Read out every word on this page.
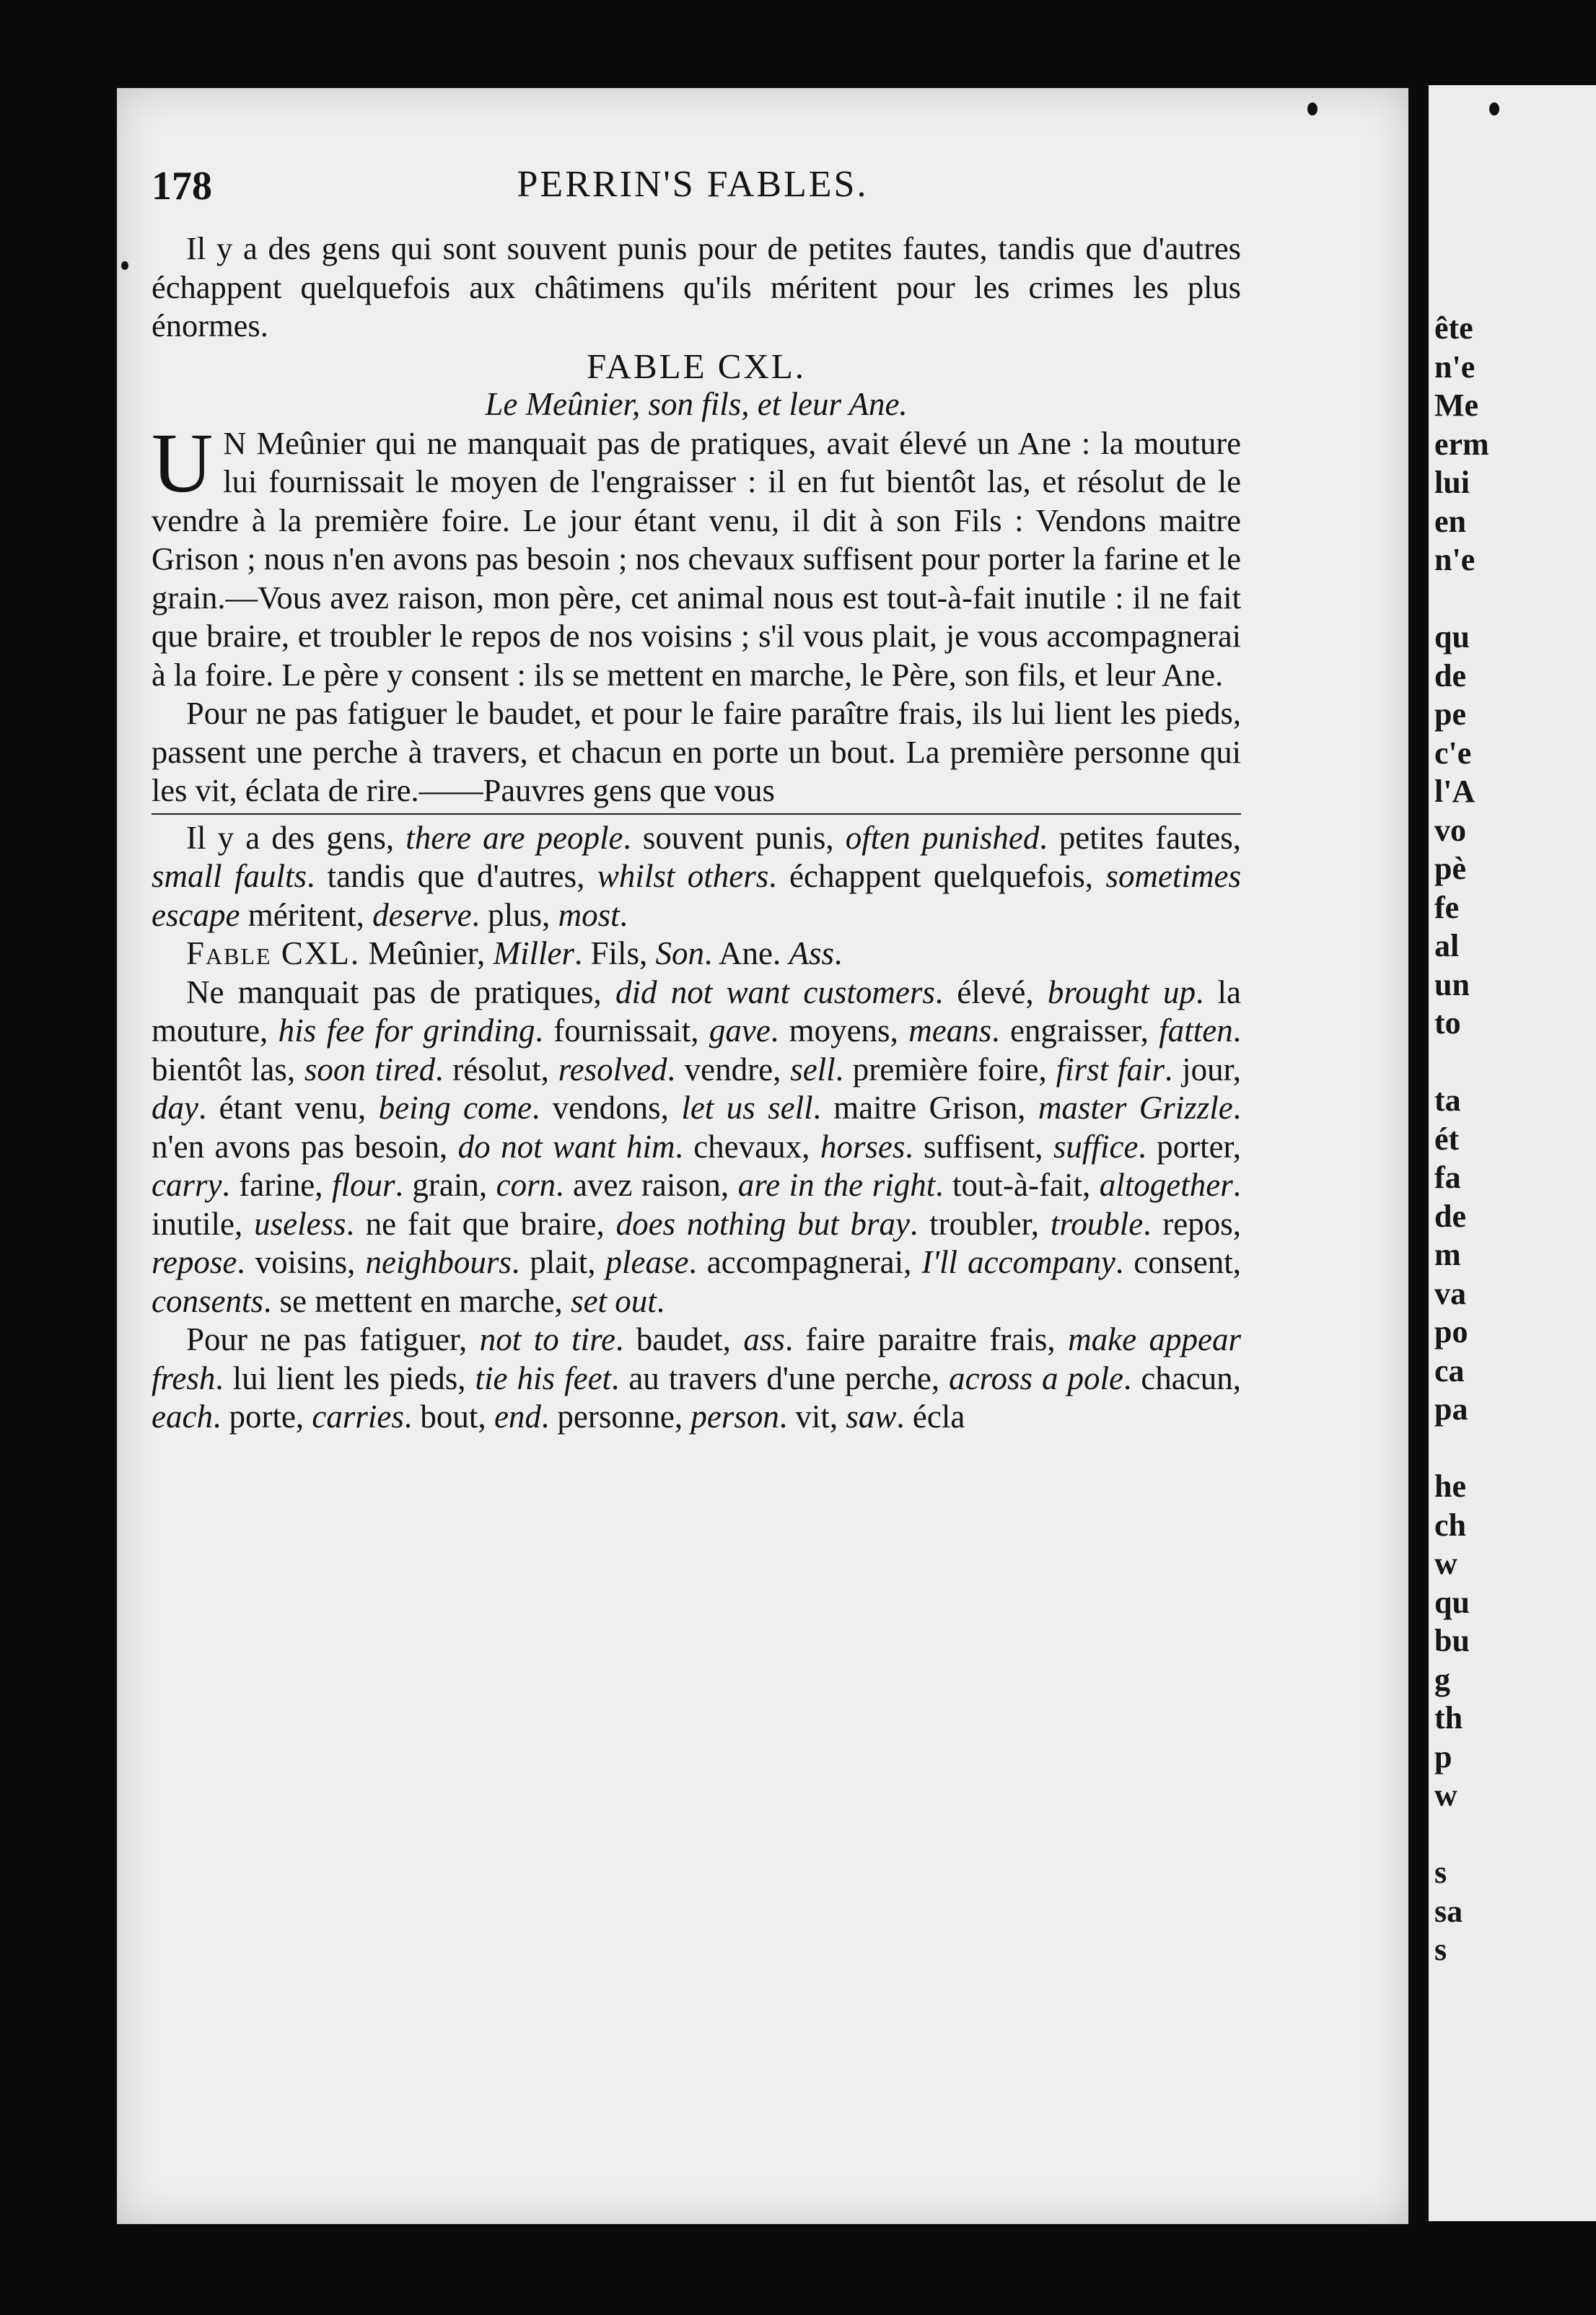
ête
n'e
Me
erm
lui
en
n'e
qu
de
pe
c'e
l'A
vo
pè
fe
al
un
to
ta
ét
fa
de
m
va
po
ca
pa
he
ch
w
qu
bu
g
th
p
w
s
sa
s
178	PERRIN'S FABLES.

Il y a des gens qui sont souvent punis pour de petites fautes, tandis que d'autres échappent quelquefois aux châtimens qu'ils méritent pour les crimes les plus énormes.

FABLE CXL.
Le Meûnier, son fils, et leur Ane.

U N Meûnier qui ne manquait pas de pratiques, avait élevé un Ane : la mouture lui fournissait le moyen de l'engraisser : il en fut bientôt las, et résolut de le vendre à la première foire. Le jour étant venu, il dit à son Fils : Vendons maitre Grison ; nous n'en avons pas besoin ; nos chevaux suffisent pour porter la farine et le grain.—Vous avez raison, mon père, cet animal nous est tout-à-fait inutile : il ne fait que braire, et troubler le repos de nos voisins ; s'il vous plait, je vous accompagnerai à la foire. Le père y consent : ils se mettent en marche, le Père, son fils, et leur Ane.

Pour ne pas fatiguer le baudet, et pour le faire paraître frais, ils lui lient les pieds, passent une perche à travers, et chacun en porte un bout. La première personne qui les vit, éclata de rire.——Pauvres gens que vous

Il y a des gens, there are people. souvent punis, often punished. petites fautes, small faults. tandis que d'autres, whilst others. échappent quelquefois, sometimes escape méritent, deserve. plus, most.

Fable CXL. Meûnier, Miller. Fils, Son. Ane. Ass.

Ne manquait pas de pratiques, did not want customers. élevé, brought up. la mouture, his fee for grinding. fournissait, gave. moyens, means. engraisser, fatten. bientôt las, soon tired. résolut, resolved. vendre, sell. première foire, first fair. jour, day. étant venu, being come. vendons, let us sell. maitre Grison, master Grizzle. n'en avons pas besoin, do not want him. chevaux, horses. suffisent, suffice. porter, carry. farine, flour. grain, corn. avez raison, are in the right. tout-à-fait, altogether. inutile, useless. ne fait que braire, does nothing but bray. troubler, trouble. repos, repose. voisins, neighbours. plait, please. accompagnerai, I'll accompany. consent, consents. se mettent en marche, set out.

Pour ne pas fatiguer, not to tire. baudet, ass. faire paraitre frais, make appear fresh. lui lient les pieds, tie his feet. au travers d'une perche, across a pole. chacun, each. porte, carries. bout, end. personne, person. vit, saw. écla
